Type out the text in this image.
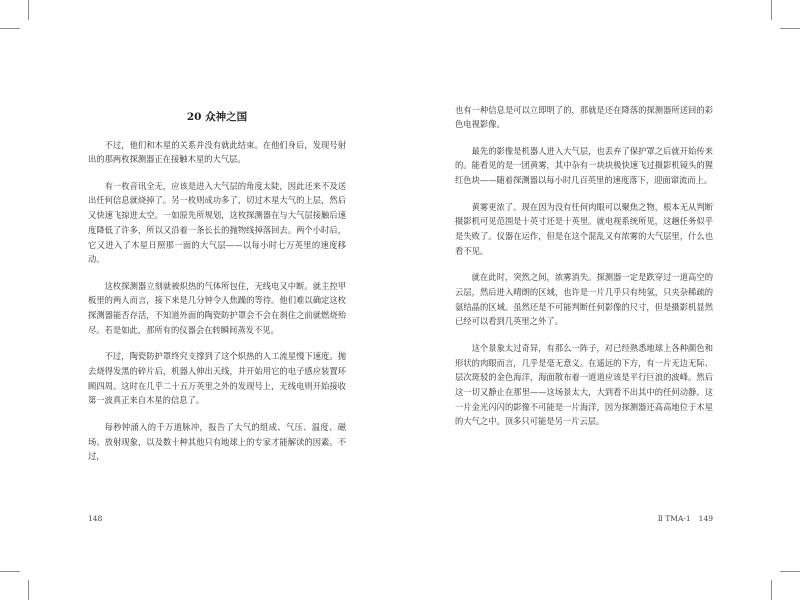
20 众神之国

不过，他们和木星的关系并没有就此结束。在他们身后，发现号射出的那两枚探测器正在接触木星的大气层。

有一枚音讯全无，应该是进入大气层的角度太陡，因此还来不及送出任何信息就烧掉了。另一枚则成功多了，切过木星大气的上层，然后又快速飞掠进太空。一如原先所规划，这枚探测器在与大气层接触后速度降低了许多，所以又沿着一条长长的抛物线掉落回去。两个小时后，它又进入了木星日照那一面的大气层——以每小时七万英里的速度移动。

这枚探测器立刻就被炽热的气体所包住，无线电又中断。就主控甲板里的两人而言，接下来是几分钟令人焦躁的等待。他们难以确定这枚探测器能否存活，不知道外面的陶瓷防护罩会不会在刹住之前就燃烧殆尽。若是如此，那所有的仪器会在转瞬间蒸发不见。

不过，陶瓷防护罩终究支撑到了这个炽热的人工流星慢下速度。抛去烧得发黑的碎片后，机器人伸出天线，并开始用它的电子感应装置环顾四周。这时在几乎二十五万英里之外的发现号上，无线电则开始接收第一波真正来自木星的信息了。

每秒钟涌入的千万道脉冲，报告了大气的组成、气压、温度、磁场、放射现象，以及数十种其他只有地球上的专家才能解读的因素。不过，

148

也有一种信息是可以立即明了的，那就是还在降落的探测器所送回的彩色电视影像。

最先的影像是机器人进入大气层，也丢弃了保护罩之后就开始传来的。能看见的是一团黄雾，其中杂有一块块极快速飞过摄影机镜头的猩红色块——随着探测器以每小时几百英里的速度落下，迎面窜流而上。

黄雾更浓了。现在因为没有任何肉眼可以聚焦之物，根本无从判断摄影机可见范围是十英寸还是十英里。就电视系统所见，这趟任务似乎是失败了。仪器在运作，但是在这个混乱又有浓雾的大气层里，什么也看不见。

就在此时，突然之间，浓雾消失。探测器一定是跌穿过一道高空的云层，然后进入晴朗的区域，也许是一片几乎只有纯氢，只夹杂稀疏的氨结晶的区域。虽然还是不可能判断任何影像的尺寸，但是摄影机显然已经可以看到几英里之外了。

这个景象太过奇异，有那么一阵子，对已经熟悉地球上各种颜色和形状的肉眼而言，几乎是毫无意义。在遥远的下方，有一片无边无际、层次斑驳的金色海洋，海面散布着一道道应该是平行巨浪的波峰。然后这一切又静止在那里——这场景太大，大到看不出其中的任何动静。这一片金光闪闪的影像不可能是一片海洋，因为探测器还高高地位于木星的大气之中。顶多只可能是另一片云层。

Ⅱ TMA-1 149
